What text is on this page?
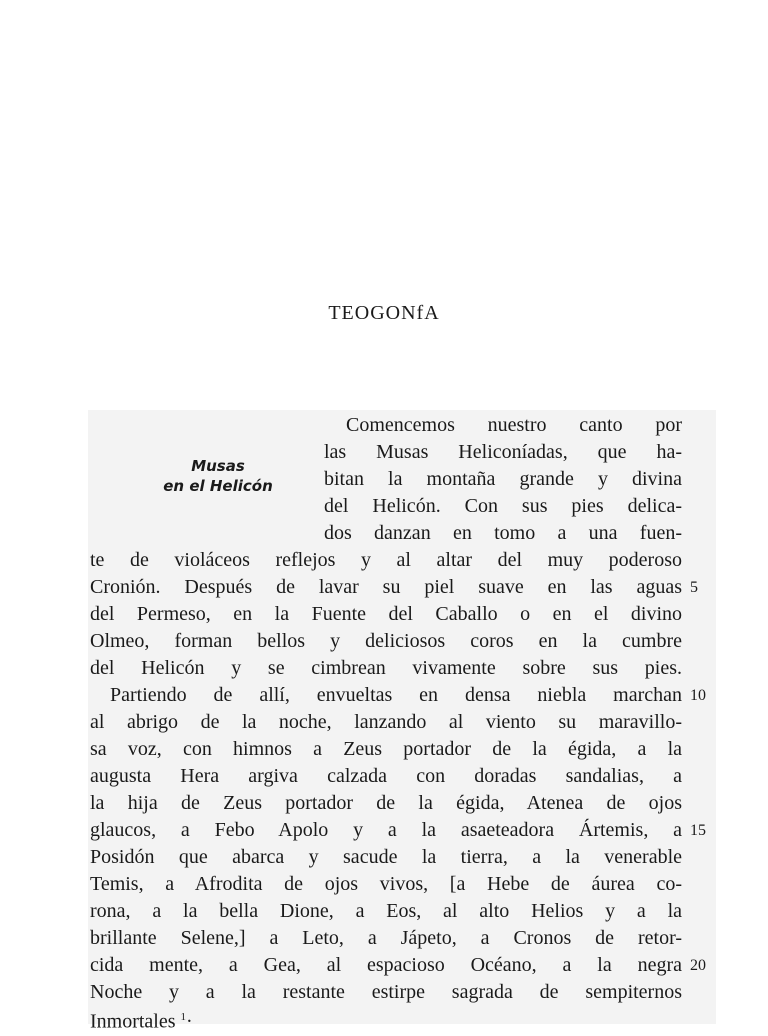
TEOGONfA
Musas
en el Helicón
Comencemos nuestro canto por
las Musas Heliconíadas, que ha-
bitan la montaña grande y divina
del Helicón. Con sus pies delica-
dos danzan en tomo a una fuen-
te de violáceos reflejos y al altar del muy poderoso
Cronión. Después de lavar su piel suave en las aguas
del Permeso, en la Fuente del Caballo o en el divino
Olmeo, forman bellos y deliciosos coros en la cumbre
del Helicón y se cimbrean vivamente sobre sus pies.
Partiendo de allí, envueltas en densa niebla marchan
al abrigo de la noche, lanzando al viento su maravillo-
sa voz, con himnos a Zeus portador de la égida, a la
augusta Hera argiva calzada con doradas sandalias, a
la hija de Zeus portador de la égida, Atenea de ojos
glaucos, a Febo Apolo y a la asaeteadora Ártemis, a
Posidón que abarca y sacude la tierra, a la venerable
Temis, a Afrodita de ojos vivos, [a Hebe de áurea co-
rona, a la bella Dione, a Eos, al alto Helios y a la
brillante Selene,] a Leto, a Jápeto, a Cronos de retor-
cida mente, a Gea, al espacioso Océano, a la negra
Noche y a la restante estirpe sagrada de sempiternos
Inmortales $^1$·
5
10
15
20
